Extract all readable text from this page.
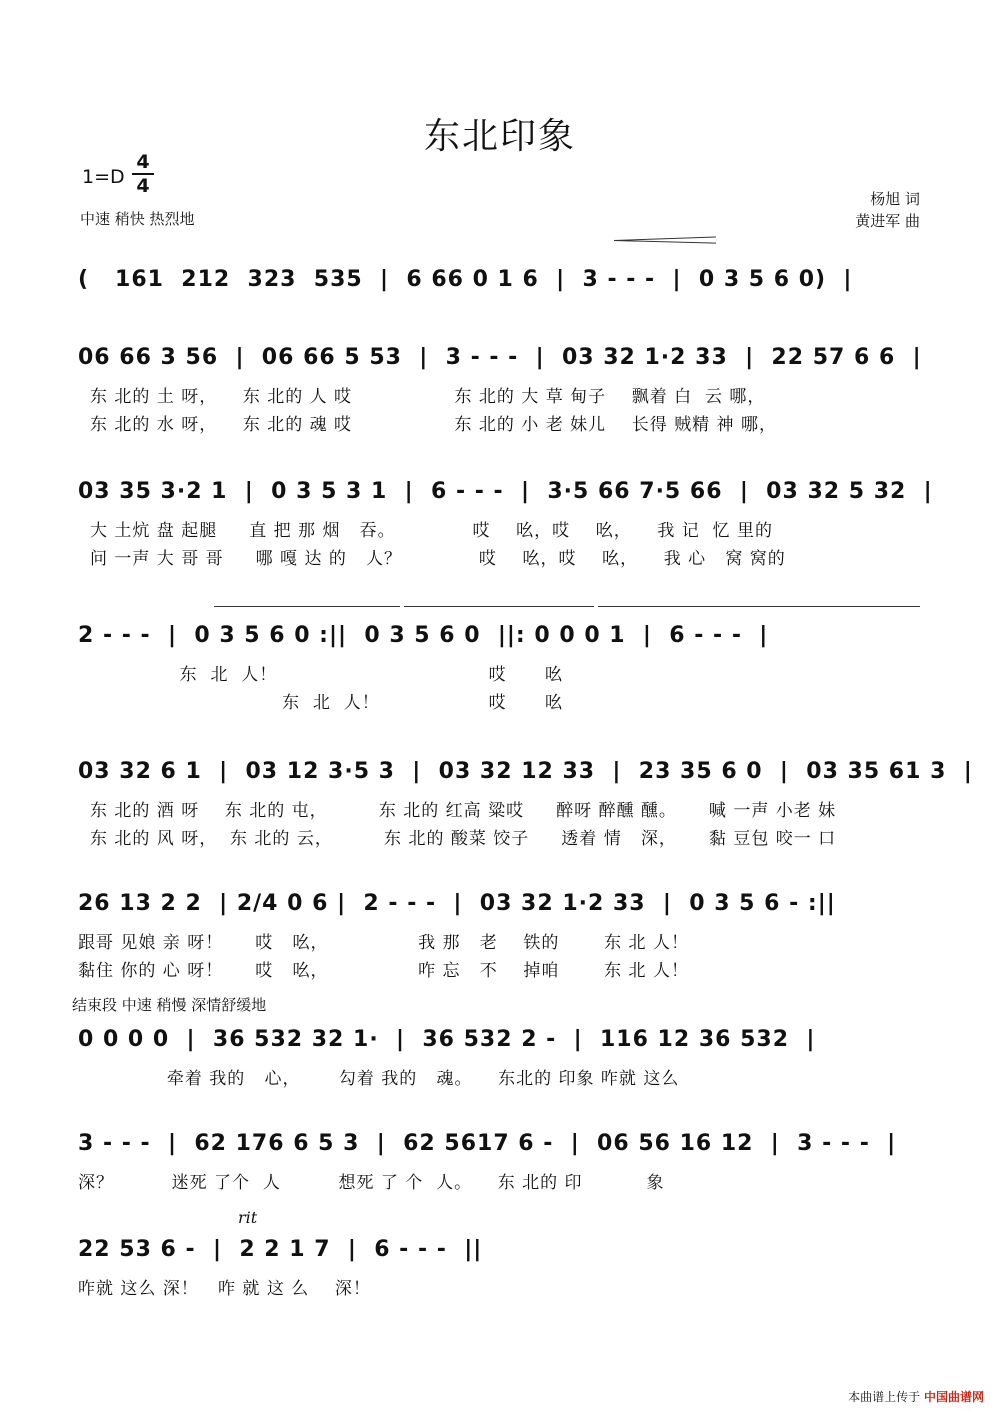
东北印象
1=D
4
4
中速 稍快 热烈地
杨旭 词
黄进军 曲
(   161  212  323  535  |  6 66 0 1 6  |  3 - - -  |  0 3 5 6 0)  |
06 66 3 56  |  06 66 5 53  |  3 - - -  |  03 32 1·2 33  |  22 57 6 6  |
东 北的 土 呀，    东 北的 人 哎                东 北的 大 草 甸子    飘着 白  云 哪，
东 北的 水 呀，    东 北的 魂 哎                东 北的 小 老 妹儿    长得 贼精 神 哪，
03 35 3·2 1  |  0 3 5 3 1  |  6 - - -  |  3·5 66 7·5 66  |  03 32 5 32  |
大 土炕 盘 起腿     直 把 那 烟   吞。            哎    吆，哎    吆，    我 记  忆 里的
问 一声 大 哥 哥     哪 嘎 达 的   人？            哎    吆，哎    吆，    我 心   窝 窝的
2 - - -  |  0 3 5 6 0 :||  0 3 5 6 0  ||: 0 0 0 1  |  6 - - -  |
东  北  人！                                 哎      吆
东  北  人！                 哎      吆
03 32 6 1  |  03 12 3·5 3  |  03 32 12 33  |  23 35 6 0  |  03 35 61 3  |
东 北的 酒 呀    东 北的 屯，        东 北的 红高 粱哎     醉呀 醉醺 醺。     喊 一声 小老 妹
东 北的 风 呀，  东 北的 云，        东 北的 酸菜 饺子     透着 情   深，     黏 豆包 咬一 口
26 13 2 2  | 2/4 0 6 |  2 - - -  |  03 32 1·2 33  |  0 3 5 6 - :||
跟哥 见娘 亲 呀！     哎   吆，              我 那   老    铁的       东 北 人！
黏住 你的 心 呀！     哎   吆，              咋 忘   不    掉咱       东 北 人！
结束段 中速 稍慢 深情舒缓地
0 0 0 0  |  36 532 32 1·  |  36 532 2 -  |  116 12 36 532  |
牵着 我的   心，      勾着 我的   魂。    东北的 印象 咋就 这么
3 - - -  |  62 176 6 5 3  |  62 5617 6 -  |  06 56 16 12  |  3 - - -  |
深？         迷死 了个  人         想死 了 个  人。    东 北的 印          象
rit
22 53 6 -  |  2 2 1 7  |  6 - - -  ||
咋就 这么 深！   咋 就 这 么    深！
本曲谱上传于 中国曲谱网
